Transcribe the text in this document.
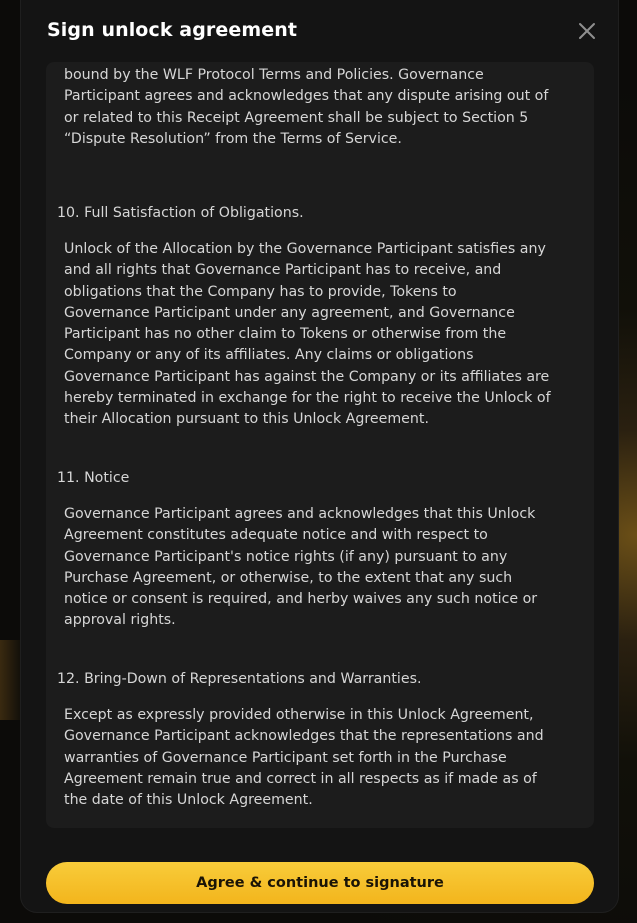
Sign unlock agreement

bound by the WLF Protocol Terms and Policies. Governance
Participant agrees and acknowledges that any dispute arising out of
or related to this Receipt Agreement shall be subject to Section 5
“Dispute Resolution” from the Terms of Service.

10. Full Satisfaction of Obligations.

Unlock of the Allocation by the Governance Participant satisfies any
and all rights that Governance Participant has to receive, and
obligations that the Company has to provide, Tokens to
Governance Participant under any agreement, and Governance
Participant has no other claim to Tokens or otherwise from the
Company or any of its affiliates. Any claims or obligations
Governance Participant has against the Company or its affiliates are
hereby terminated in exchange for the right to receive the Unlock of
their Allocation pursuant to this Unlock Agreement.

11. Notice

Governance Participant agrees and acknowledges that this Unlock
Agreement constitutes adequate notice and with respect to
Governance Participant's notice rights (if any) pursuant to any
Purchase Agreement, or otherwise, to the extent that any such
notice or consent is required, and herby waives any such notice or
approval rights.

12. Bring-Down of Representations and Warranties.

Except as expressly provided otherwise in this Unlock Agreement,
Governance Participant acknowledges that the representations and
warranties of Governance Participant set forth in the Purchase
Agreement remain true and correct in all respects as if made as of
the date of this Unlock Agreement.

Agree & continue to signature
